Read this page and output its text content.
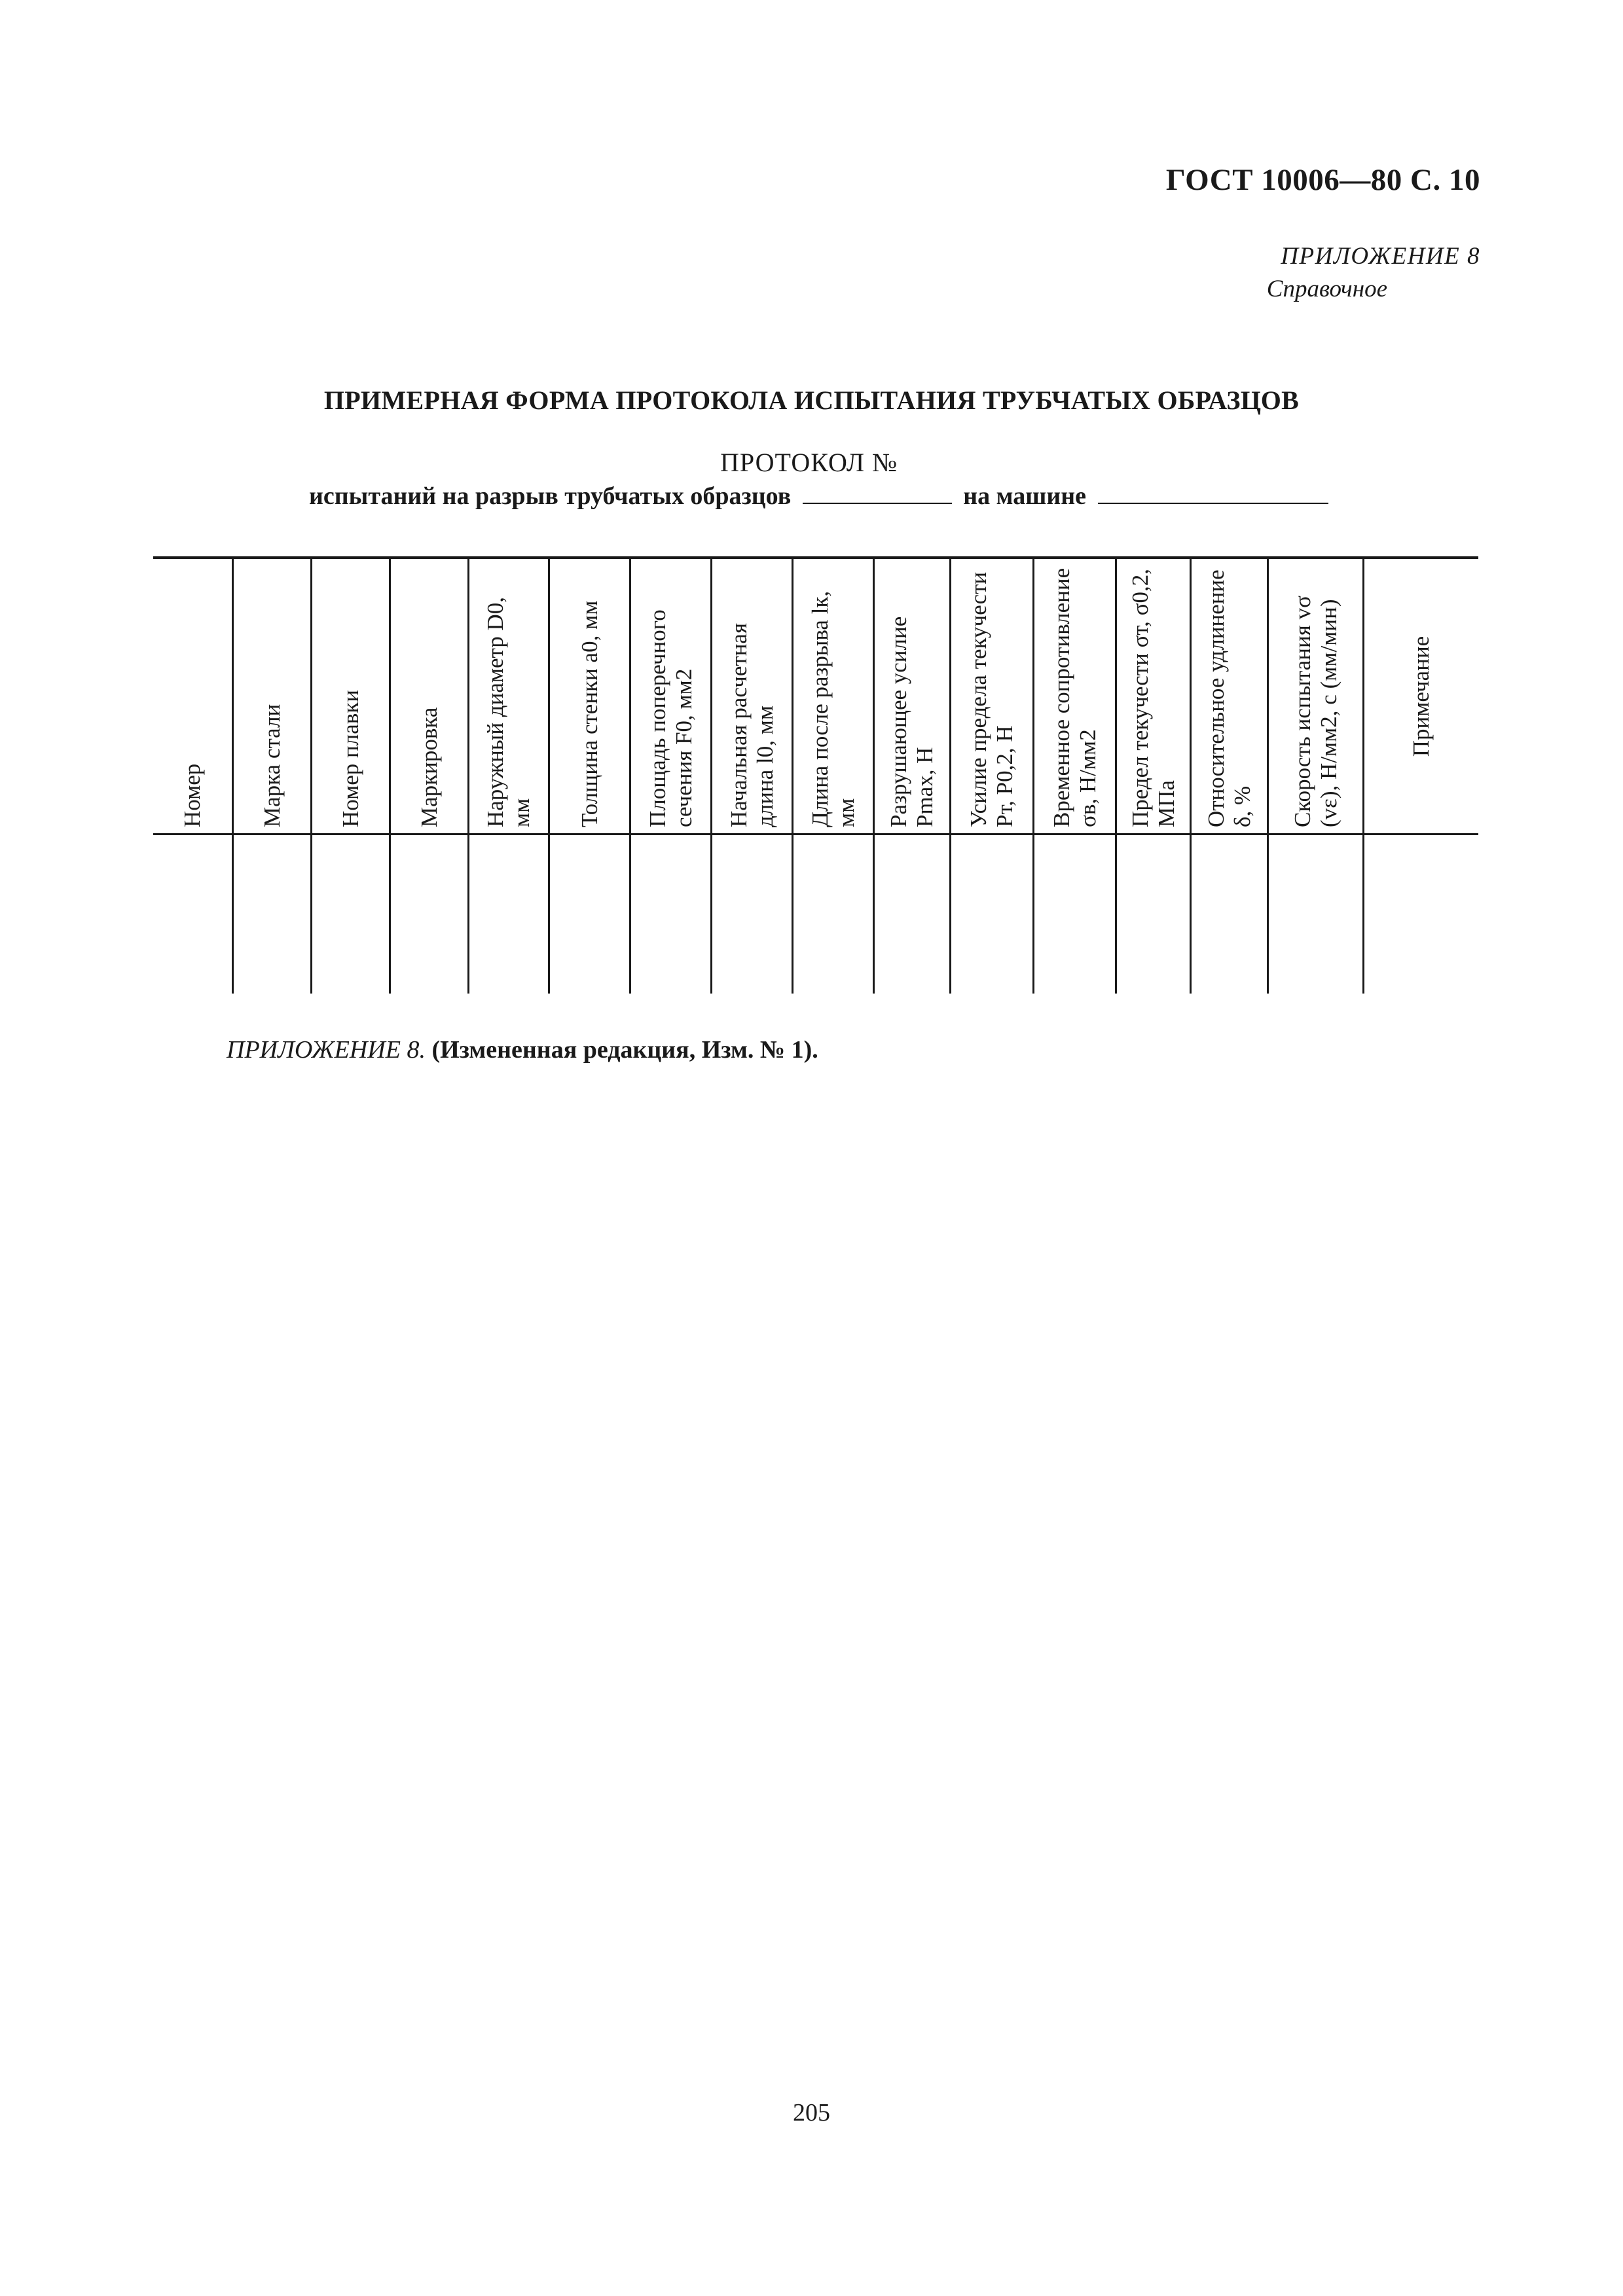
ГОСТ 10006—80 С. 10
ПРИЛОЖЕНИЕ 8
Справочное
ПРИМЕРНАЯ ФОРМА ПРОТОКОЛА ИСПЫТАНИЯ ТРУБЧАТЫХ ОБРАЗЦОВ
ПРОТОКОЛ №
испытаний на разрыв трубчатых образцов	на машине
Номер Марка стали Номер плавки Маркировка Наружный диаметр D0, мм Толщина стенки a0, мм Площадь поперечного сечения F0, мм2 Начальная расчетная длина l0, мм Длина после разрыва lк, мм Разрушающее усилие Pmax, Н Усилие предела текучести Pт, P0,2, Н Временное сопротивление σв, Н/мм2 Предел текучести σт, σ0,2, МПа Относительное удлинение δ, % Скорость испытания vσ (vε), Н/мм2, с (мм/мин)	Примечание
ПРИЛОЖЕНИЕ 8. (Измененная редакция, Изм. № 1).
205
